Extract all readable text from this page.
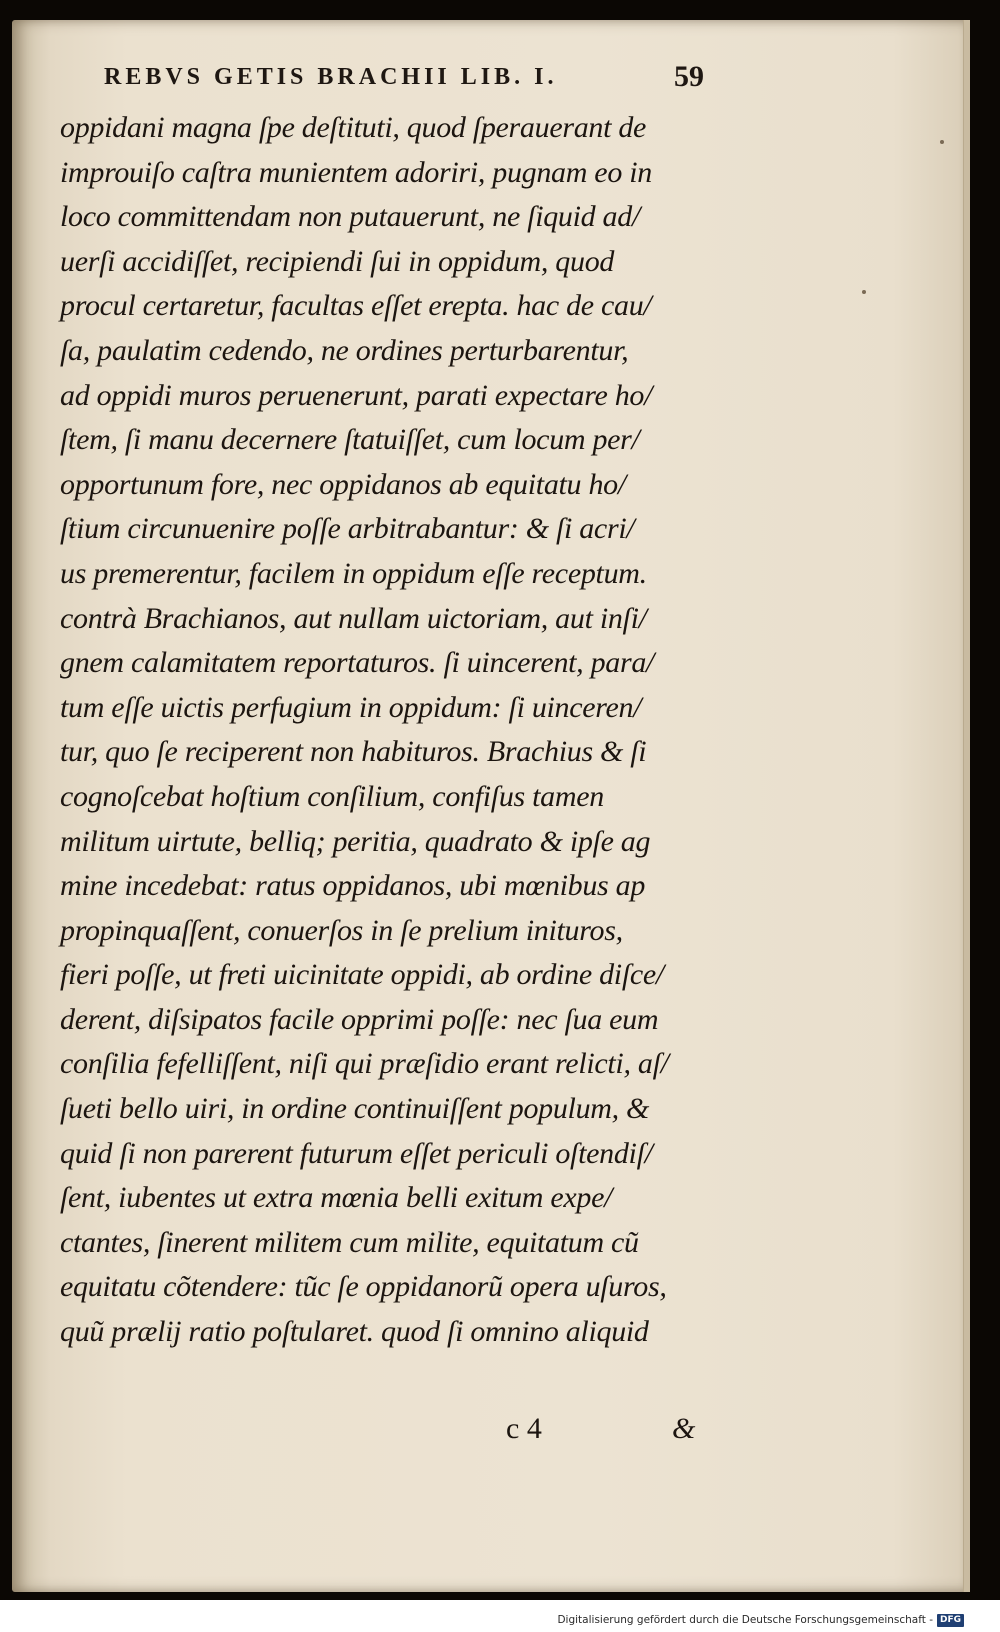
REBVS GETIS BRACHII LIB. I.	59
oppidani magna ſpe deſtituti, quod ſperauerant de
improuiſo caſtra munientem adoriri, pugnam eo in
loco committendam non putauerunt, ne ſiquid ad/
uerſi accidiſſet, recipiendi ſui in oppidum, quod
procul certaretur, facultas eſſet erepta. hac de cau/
ſa, paulatim cedendo, ne ordines perturbarentur,
ad oppidi muros peruenerunt, parati expectare ho/
ſtem, ſi manu decernere ſtatuiſſet, cum locum per/
opportunum fore, nec oppidanos ab equitatu ho/
ſtium circunuenire poſſe arbitrabantur: & ſi acri/
us premerentur, facilem in oppidum eſſe receptum.
contrà Brachianos, aut nullam uictoriam, aut inſi/
gnem calamitatem reportaturos. ſi uincerent, para/
tum eſſe uictis perfugium in oppidum: ſi uinceren/
tur, quo ſe reciperent non habituros. Brachius & ſi
cognoſcebat hoſtium conſilium, confiſus tamen
militum uirtute, belliq; peritia, quadrato & ipſe ag
mine incedebat: ratus oppidanos, ubi mœnibus ap
propinquaſſent, conuerſos in ſe prelium inituros,
fieri poſſe, ut freti uicinitate oppidi, ab ordine diſce/
derent, diſsipatos facile opprimi poſſe: nec ſua eum
conſilia fefelliſſent, niſi qui præſidio erant relicti, aſ/
ſueti bello uiri, in ordine continuiſſent populum, &
quid ſi non parerent futurum eſſet periculi oſtendiſ/
ſent, iubentes ut extra mœnia belli exitum expe/
ctantes, ſinerent militem cum milite, equitatum cũ
equitatu cõtendere: tũc ſe oppidanorũ opera uſuros,
quũ prælij ratio poſtularet. quod ſi omnino aliquid
c 4	&
Digitalisierung gefördert durch die Deutsche Forschungsgemeinschaft - DFG
